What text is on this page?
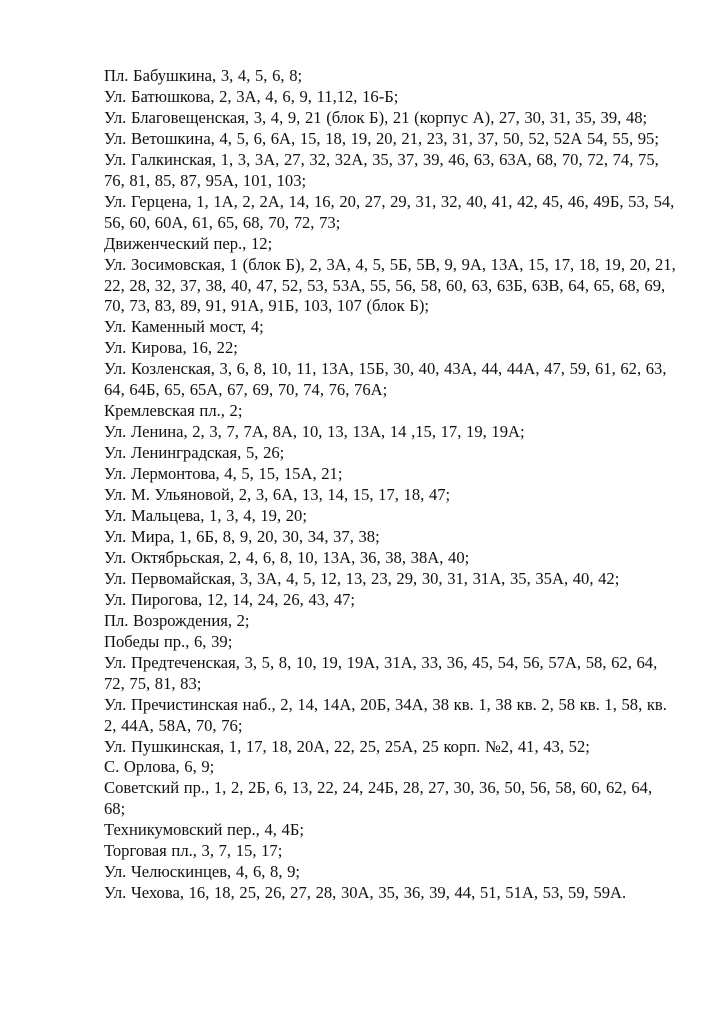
Пл. Бабушкина, 3, 4, 5, 6, 8;

Ул. Батюшкова, 2, 3А, 4, 6, 9, 11,12, 16-Б;

Ул. Благовещенская, 3, 4, 9, 21 (блок Б), 21 (корпус А), 27, 30, 31, 35, 39, 48;

Ул. Ветошкина, 4, 5, 6, 6А, 15, 18, 19, 20, 21, 23, 31, 37, 50, 52, 52А 54, 55, 95;

Ул. Галкинская, 1, 3, 3А, 27, 32, 32А, 35, 37, 39, 46, 63, 63А, 68, 70, 72, 74, 75, 76, 81, 85, 87, 95А, 101, 103;

Ул. Герцена, 1, 1А, 2, 2А, 14, 16, 20, 27, 29, 31, 32, 40, 41, 42, 45, 46, 49Б, 53, 54, 56, 60, 60А, 61, 65, 68, 70, 72, 73;

Движенческий пер., 12;

Ул. Зосимовская, 1 (блок Б), 2, 3А, 4, 5, 5Б, 5В, 9, 9А, 13А, 15, 17, 18, 19, 20, 21, 22, 28, 32, 37, 38, 40, 47, 52, 53, 53А, 55, 56, 58, 60, 63, 63Б, 63В, 64, 65, 68, 69, 70, 73, 83, 89, 91, 91А, 91Б, 103, 107 (блок Б);

Ул. Каменный мост, 4;

Ул. Кирова, 16, 22;

Ул. Козленская, 3, 6, 8, 10, 11, 13А, 15Б, 30, 40, 43А, 44, 44А, 47, 59, 61, 62, 63, 64, 64Б, 65, 65А, 67, 69, 70, 74, 76, 76А;

Кремлевская пл., 2;

Ул. Ленина, 2, 3, 7, 7А, 8А, 10, 13, 13А, 14 ,15, 17, 19, 19А;

Ул. Ленинградская, 5, 26;

Ул. Лермонтова, 4, 5, 15, 15А, 21;

Ул. М. Ульяновой, 2, 3, 6А, 13, 14, 15, 17, 18, 47;

Ул. Мальцева, 1, 3, 4, 19, 20;

Ул. Мира, 1, 6Б, 8, 9, 20, 30, 34, 37, 38;

Ул. Октябрьская, 2, 4, 6, 8, 10, 13А, 36, 38, 38А, 40;

Ул. Первомайская, 3, 3А, 4, 5, 12, 13, 23, 29, 30, 31, 31А, 35, 35А, 40, 42;

Ул. Пирогова, 12, 14, 24, 26, 43, 47;

Пл. Возрождения, 2;

Победы пр., 6, 39;

Ул. Предтеченская, 3, 5, 8, 10, 19, 19А, 31А, 33, 36, 45, 54, 56, 57А, 58, 62, 64, 72, 75, 81, 83;

Ул. Пречистинская наб., 2, 14, 14А, 20Б, 34А, 38 кв. 1, 38 кв. 2, 58 кв. 1, 58, кв. 2, 44А, 58А, 70, 76;

Ул. Пушкинская, 1, 17, 18, 20А, 22, 25, 25А, 25 корп. №2, 41, 43, 52;

С. Орлова, 6, 9;

Советский пр., 1, 2, 2Б, 6, 13, 22, 24, 24Б, 28, 27, 30, 36, 50, 56, 58, 60, 62, 64, 68;

Техникумовский пер., 4, 4Б;

Торговая пл., 3, 7, 15, 17;

Ул. Челюскинцев, 4, 6, 8, 9;

Ул. Чехова, 16, 18, 25, 26, 27, 28, 30А, 35, 36, 39, 44, 51, 51А, 53, 59, 59А.
